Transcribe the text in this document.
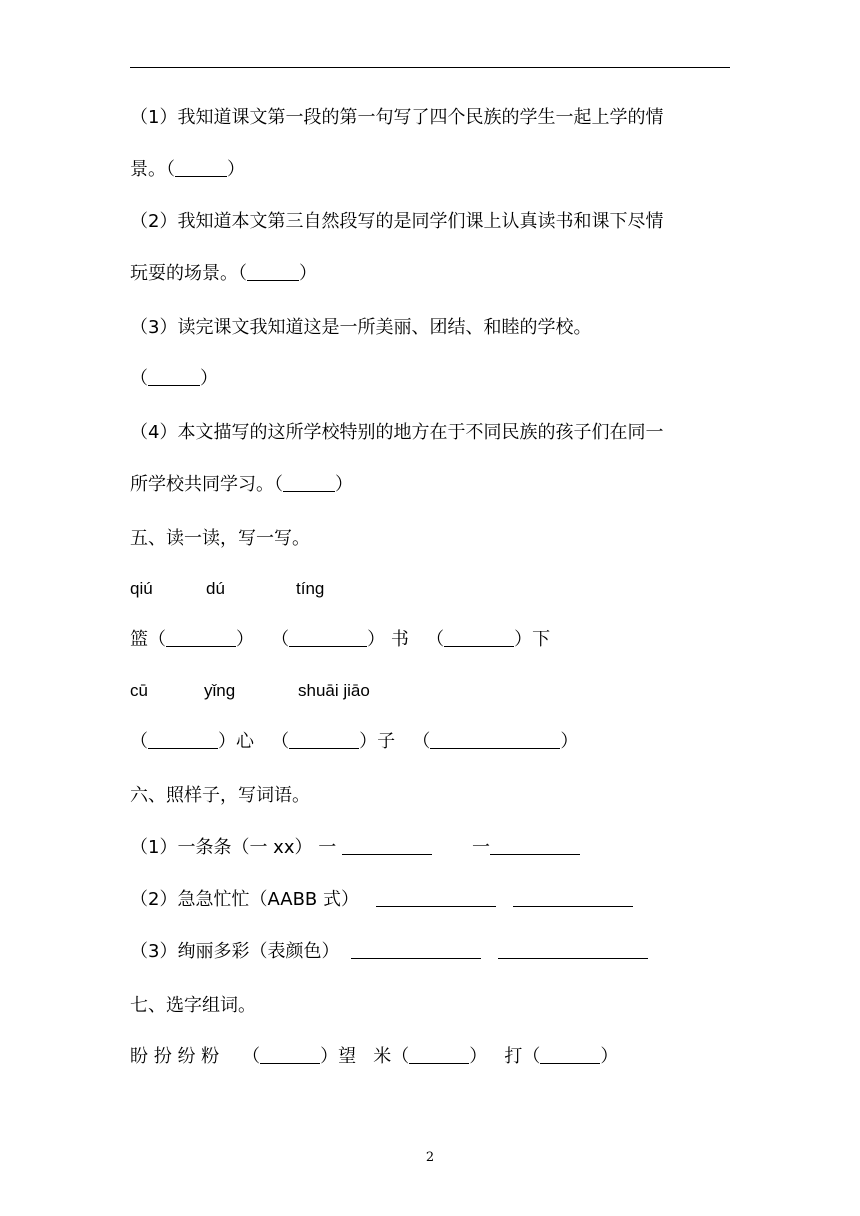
（1）我知道课文第一段的第一句写了四个民族的学生一起上学的情
景。（	）
（2）我知道本文第三自然段写的是同学们课上认真读书和课下尽情
玩耍的场景。（	）
（3）读完课文我知道这是一所美丽、团结、和睦的学校。
（	）
（4）本文描写的这所学校特别的地方在于不同民族的孩子们在同一
所学校共同学习。（	）
五、读一读，写一写。
qiú	dú	tíng
篮（	） （	） 书 （	）下
cū	yǐng	shuāi jiāo
（	）心 （	）子 （	）
六、照样子，写词语。
（1）一条条（一 xx） 一	一
（2）急急忙忙（AABB 式）
（3）绚丽多彩（表颜色）
七、选字组词。
盼 扮 纷 粉 （	）望 米（	） 打（	）
2
